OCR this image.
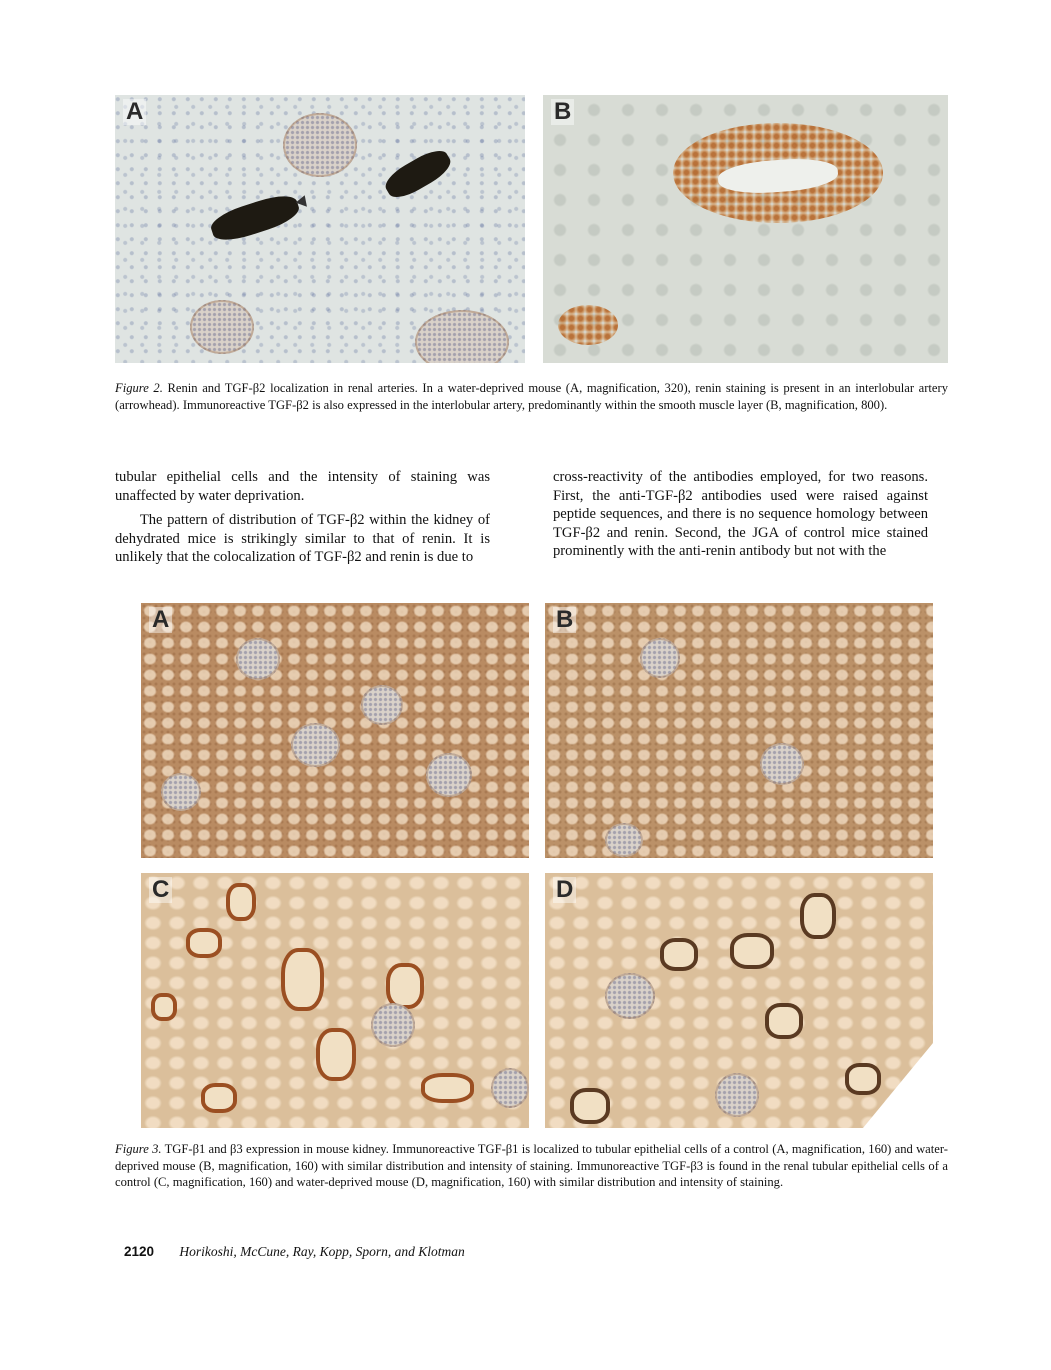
A	B
Figure 2. Renin and TGF-β2 localization in renal arteries. In a water-deprived mouse (A, magnification, 320), renin staining is present in an interlobular artery (arrowhead). Immunoreactive TGF-β2 is also expressed in the interlobular artery, predominantly within the smooth muscle layer (B, magnification, 800).

tubular epithelial cells and the intensity of staining was unaffected by water deprivation.

The pattern of distribution of TGF-β2 within the kidney of dehydrated mice is strikingly similar to that of renin. It is unlikely that the colocalization of TGF-β2 and renin is due to

cross-reactivity of the antibodies employed, for two reasons. First, the anti-TGF-β2 antibodies used were raised against peptide sequences, and there is no sequence homology between TGF-β2 and renin. Second, the JGA of control mice stained prominently with the anti-renin antibody but not with the

A	B
C	D
Figure 3. TGF-β1 and β3 expression in mouse kidney. Immunoreactive TGF-β1 is localized to tubular epithelial cells of a control (A, magnification, 160) and water-deprived mouse (B, magnification, 160) with similar distribution and intensity of staining. Immunoreactive TGF-β3 is found in the renal tubular epithelial cells of a control (C, magnification, 160) and water-deprived mouse (D, magnification, 160) with similar distribution and intensity of staining.
2120 Horikoshi, McCune, Ray, Kopp, Sporn, and Klotman
